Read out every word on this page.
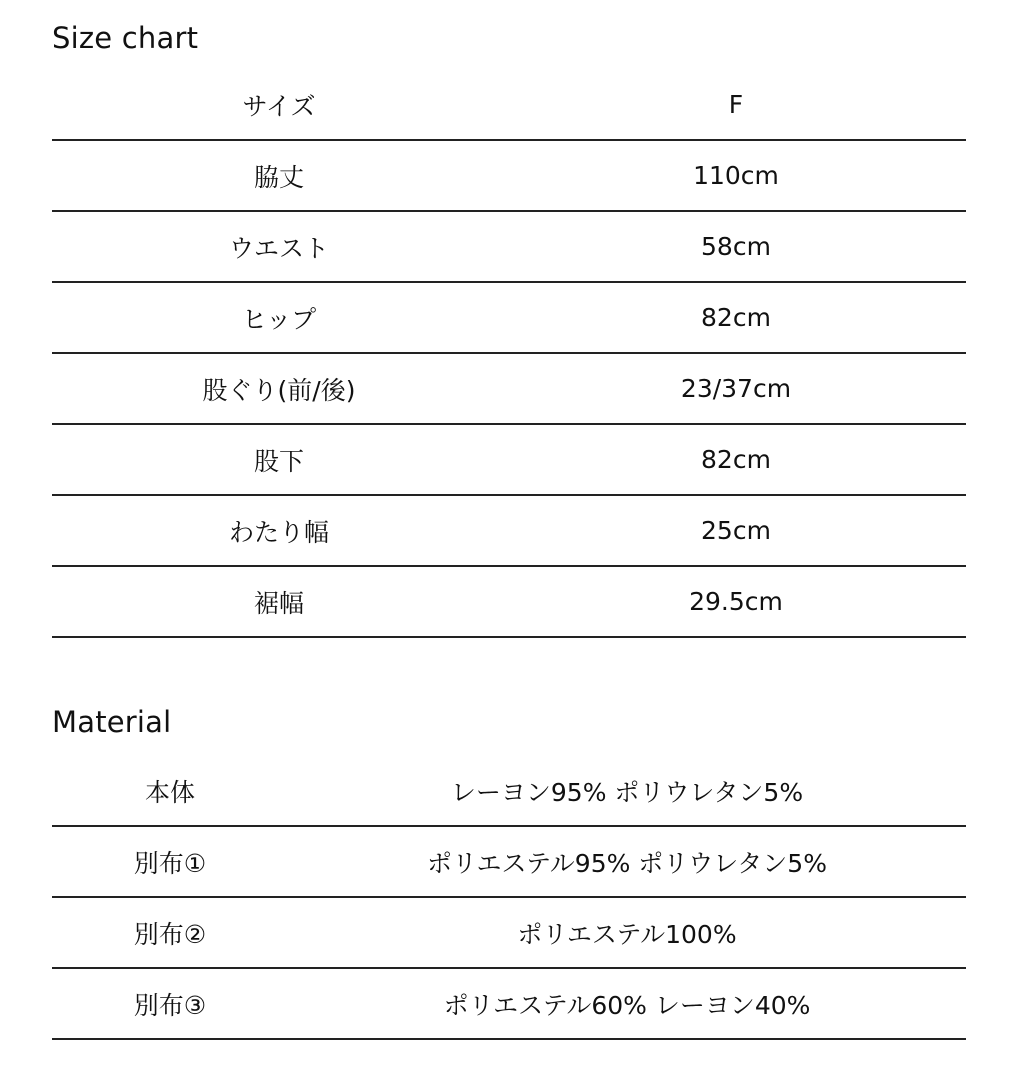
Size chart
サイズ	F
脇丈	110cm
ウエスト	58cm
ヒップ	82cm
股ぐり(前/後)	23/37cm
股下	82cm
わたり幅	25cm
裾幅	29.5cm
Material
本体	レーヨン95% ポリウレタン5%
別布①	ポリエステル95% ポリウレタン5%
別布②	ポリエステル100%
別布③	ポリエステル60% レーヨン40%
